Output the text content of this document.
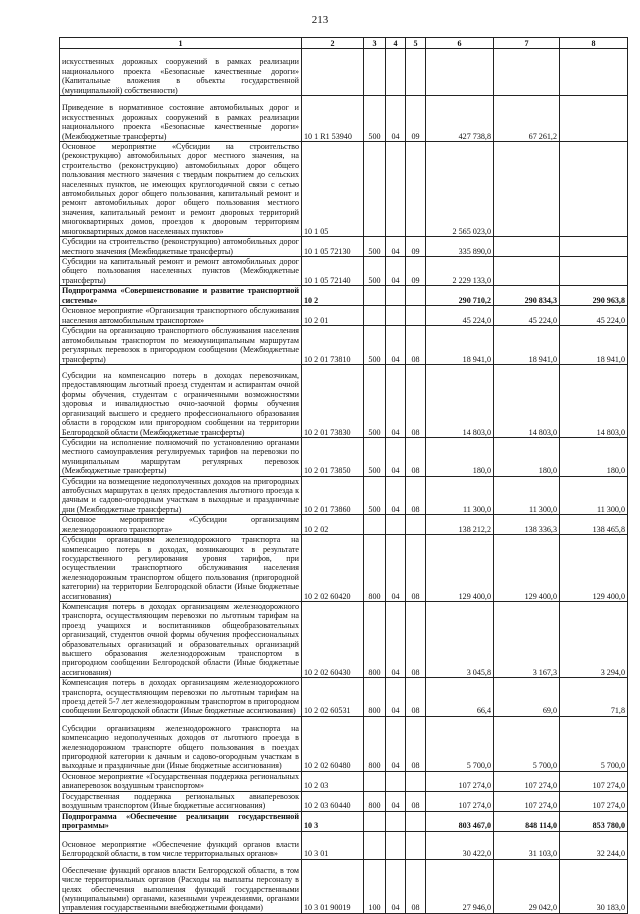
213
1	2	3	4	5	6	7	8
искусственных дорожных сооружений в рамках реализации национального проекта «Безопасные качественные дороги» (Капитальные вложения в объекты государственной (муниципальной) собственности)							
Приведение в нормативное состояние автомобильных дорог и искусственных дорожных сооружений в рамках реализации национального проекта «Безопасные качественные дороги» (Межбюджетные трансферты)	10 1 R1 53940	500	04	09	427 738,8	67 261,2	
Основное мероприятие «Субсидии на строительство (реконструкцию) автомобильных дорог местного значения, на строительство (реконструкцию) автомобильных дорог общего пользования местного значения с твердым покрытием до сельских населенных пунктов, не имеющих круглогодичной связи с сетью автомобильных дорог общего пользования, капитальный ремонт и ремонт автомобильных дорог общего пользования местного значения, капитальный ремонт и ремонт дворовых территорий многоквартирных домов, проездов к дворовым территориям многоквартирных домов населенных пунктов»	10 1 05				2 565 023,0		
Субсидии на строительство (реконструкцию) автомобильных дорог местного значения (Межбюджетные трансферты)	10 1 05 72130	500	04	09	335 890,0		
Субсидии на капитальный ремонт и ремонт автомобильных дорог общего пользования населенных пунктов (Межбюджетные трансферты)	10 1 05 72140	500	04	09	2 229 133,0		
Подпрограмма «Совершенствование и развитие транспортной системы»	10 2				290 710,2	290 834,3	290 963,8
Основное мероприятие «Организация транспортного обслуживания населения автомобильным транспортом»	10 2 01				45 224,0	45 224,0	45 224,0
Субсидии на организацию транспортного обслуживания населения автомобильным транспортом по межмуниципальным маршрутам регулярных перевозок в пригородном сообщении (Межбюджетные трансферты)	10 2 01 73810	500	04	08	18 941,0	18 941,0	18 941,0
Субсидии на компенсацию потерь в доходах перевозчикам, предоставляющим льготный проезд студентам и аспирантам очной формы обучения, студентам с ограниченными возможностями здоровья и инвалидностью очно-заочной формы обучения организаций высшего и среднего профессионального образования области в городском или пригородном сообщении на территории Белгородской области (Межбюджетные трансферты)	10 2 01 73830	500	04	08	14 803,0	14 803,0	14 803,0
Субсидии на исполнение полномочий по установлению органами местного самоуправления регулируемых тарифов на перевозки по муниципальным маршрутам регулярных перевозок (Межбюджетные трансферты)	10 2 01 73850	500	04	08	180,0	180,0	180,0
Субсидии на возмещение недополученных доходов на пригородных автобусных маршрутах в целях предоставления льготного проезда к дачным и садово-огородным участкам в выходные и праздничные дни (Межбюджетные трансферты)	10 2 01 73860	500	04	08	11 300,0	11 300,0	11 300,0
Основное мероприятие «Субсидии организациям железнодорожного транспорта»	10 2 02				138 212,2	138 336,3	138 465,8
Субсидии организациям железнодорожного транспорта на компенсацию потерь в доходах, возникающих в результате государственного регулирования уровня тарифов, при осуществлении транспортного обслуживания населения железнодорожным транспортом общего пользования (пригородной категории) на территории Белгородской области (Иные бюджетные ассигнования)	10 2 02 60420	800	04	08	129 400,0	129 400,0	129 400,0
Компенсация потерь в доходах организациям железнодорожного транспорта, осуществляющим перевозки по льготным тарифам на проезд учащихся и воспитанников общеобразовательных организаций, студентов очной формы обучения профессиональных образовательных организаций и образовательных организаций высшего образования железнодорожным транспортом в пригородном сообщении Белгородской области (Иные бюджетные ассигнования)	10 2 02 60430	800	04	08	3 045,8	3 167,3	3 294,0
Компенсация потерь в доходах организациям железнодорожного транспорта, осуществляющим перевозки по льготным тарифам на проезд детей 5-7 лет железнодорожным транспортом в пригородном сообщении Белгородской области (Иные бюджетные ассигнования)	10 2 02 60531	800	04	08	66,4	69,0	71,8
Субсидии организациям железнодорожного транспорта на компенсацию недополученных доходов от льготного проезда в железнодорожном транспорте общего пользования в поездах пригородной категории к дачным и садово-огородным участкам в выходные и праздничные дни (Иные бюджетные ассигнования)	10 2 02 60480	800	04	08	5 700,0	5 700,0	5 700,0
Основное мероприятие «Государственная поддержка региональных авиаперевозок воздушным транспортом»	10 2 03				107 274,0	107 274,0	107 274,0
Государственная поддержка региональных авиаперевозок воздушным транспортом (Иные бюджетные ассигнования)	10 2 03 60440	800	04	08	107 274,0	107 274,0	107 274,0
Подпрограмма «Обеспечение реализации государственной программы»	10 3				803 467,0	848 114,0	853 780,0
Основное мероприятие «Обеспечение функций органов власти Белгородской области, в том числе территориальных органов»	10 3 01				30 422,0	31 103,0	32 244,0
Обеспечение функций органов власти Белгородской области, в том числе территориальных органов (Расходы на выплаты персоналу в целях обеспечения выполнения функций государственными (муниципальными) органами, казенными учреждениями, органами управления государственными внебюджетными фондами)	10 3 01 90019	100	04	08	27 946,0	29 042,0	30 183,0
